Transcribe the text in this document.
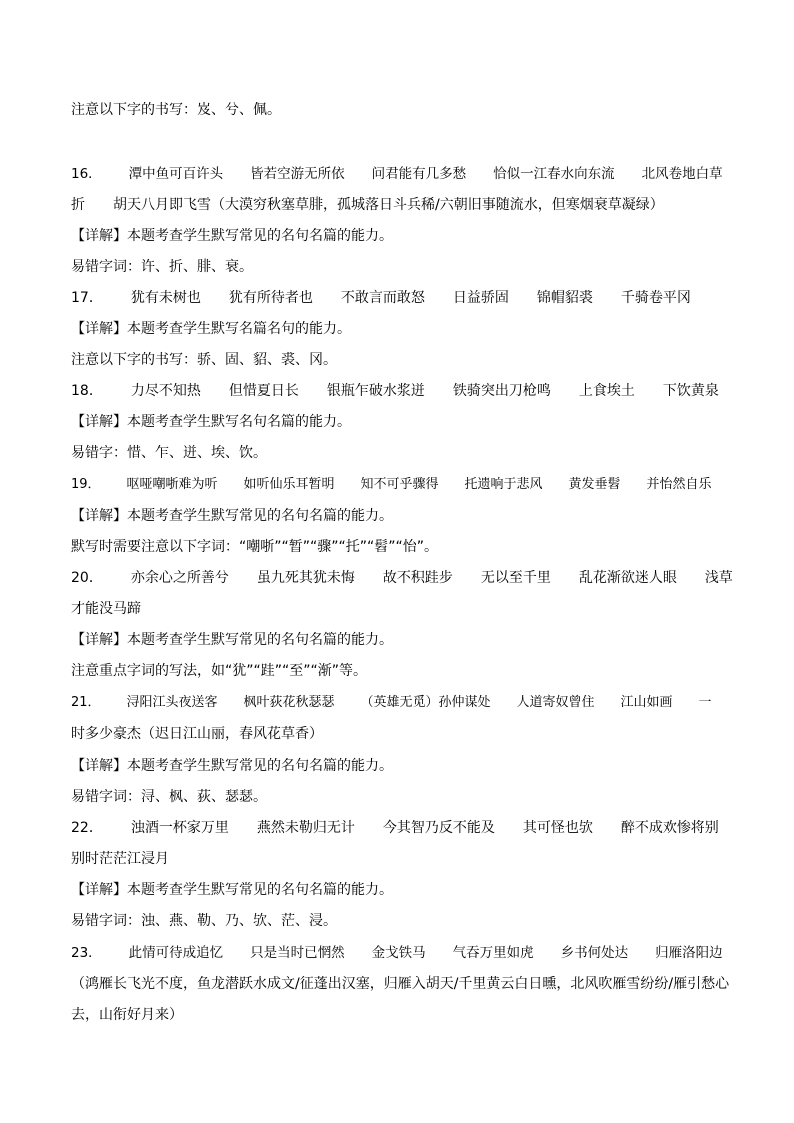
注意以下字的书写：岌、兮、佩。
16．  潭中鱼可百许头  皆若空游无所依  问君能有几多愁  恰似一江春水向东流  北风卷地白草
折  胡天八月即飞雪（大漠穷秋塞草腓，孤城落日斗兵稀/六朝旧事随流水，但寒烟衰草凝绿）
【详解】本题考查学生默写常见的名句名篇的能力。
易错字词：许、折、腓、衰。
17．  犹有未树也  犹有所待者也  不敢言而敢怒  日益骄固  锦帽貂裘  千骑卷平冈
【详解】本题考查学生默写名篇名句的能力。
注意以下字的书写：骄、固、貂、裘、冈。
18．  力尽不知热  但惜夏日长  银瓶乍破水浆迸  铁骑突出刀枪鸣  上食埃土  下饮黄泉
【详解】本题考查学生默写名句名篇的能力。
易错字：惜、乍、迸、埃、饮。
19．  呕哑嘲哳难为听  如听仙乐耳暂明  知不可乎骤得  托遗响于悲风  黄发垂髫  并怡然自乐
【详解】本题考查学生默写常见的名句名篇的能力。
默写时需要注意以下字词：“嘲哳”“暂”“骤”“托”“髫”“怡”。
20．  亦余心之所善兮  虽九死其犹未悔  故不积跬步  无以至千里  乱花渐欲迷人眼  浅草
才能没马蹄
【详解】本题考查学生默写常见的名句名篇的能力。
注意重点字词的写法，如“犹”“跬”“至”“渐”等。
21．  浔阳江头夜送客  枫叶荻花秋瑟瑟  （英雄无觅）孙仲谋处  人道寄奴曾住  江山如画  一
时多少豪杰（迟日江山丽，春风花草香）
【详解】本题考查学生默写常见的名句名篇的能力。
易错字词：浔、枫、荻、瑟瑟。
22．  浊酒一杯家万里  燕然未勒归无计  今其智乃反不能及  其可怪也欤  醉不成欢惨将别
别时茫茫江浸月
【详解】本题考查学生默写常见的名句名篇的能力。
易错字词：浊、燕、勒、乃、欤、茫、浸。
23．  此情可待成追忆  只是当时已惘然  金戈铁马  气吞万里如虎  乡书何处达  归雁洛阳边
（鸿雁长飞光不度，鱼龙潜跃水成文/征蓬出汉塞，归雁入胡天/千里黄云白日曛，北风吹雁雪纷纷/雁引愁心
去，山衔好月来）
